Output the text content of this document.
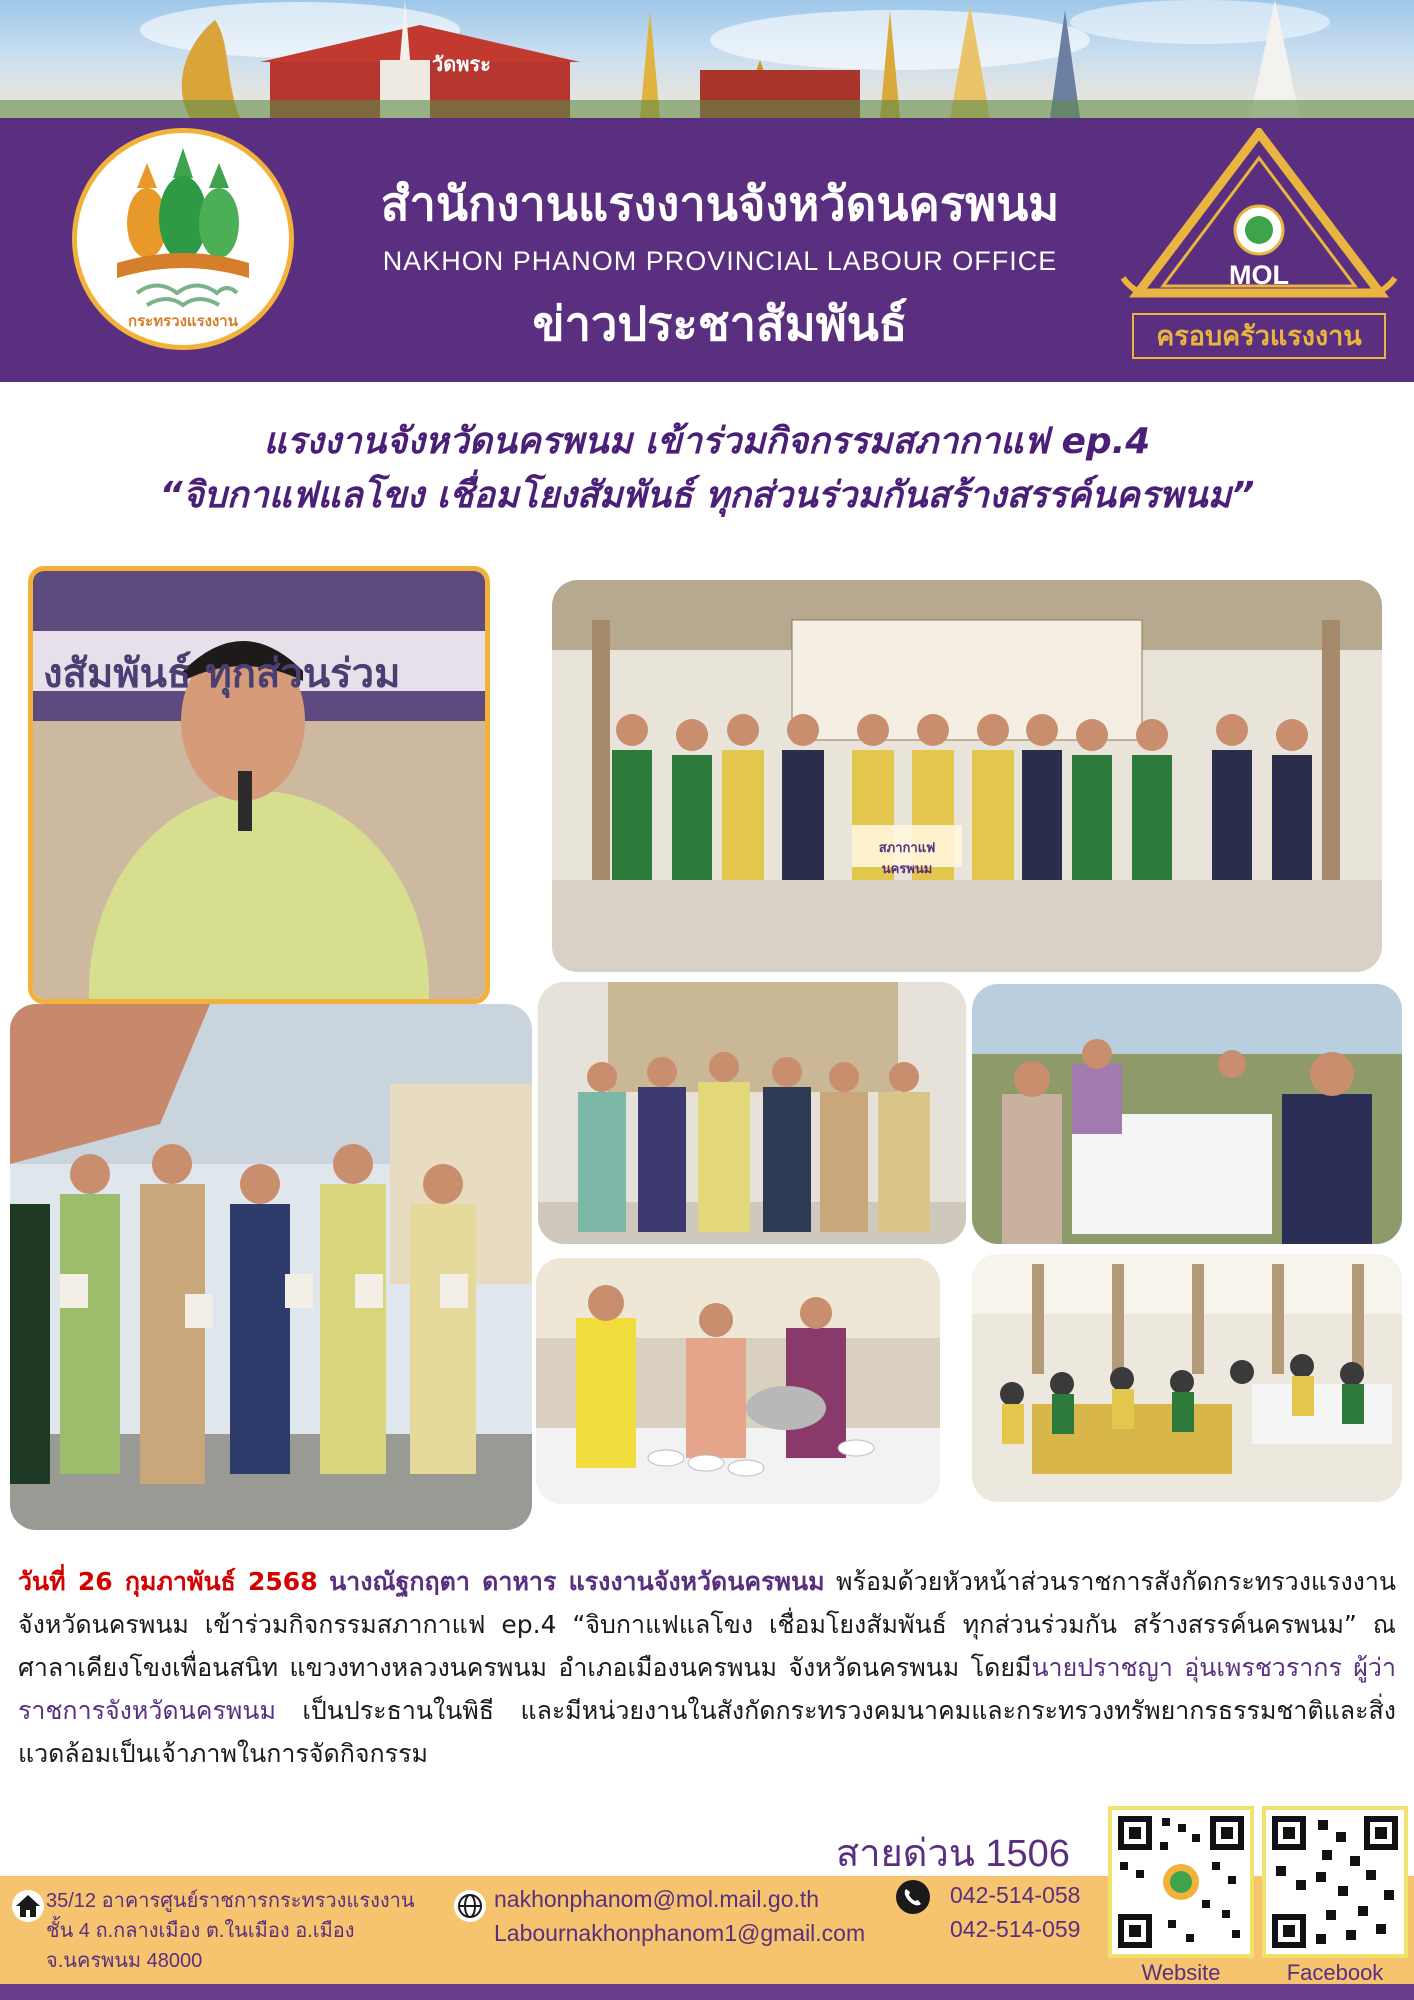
วัดพระ
กระทรวงแรงงาน
สำนักงานแรงงานจังหวัดนครพนม
NAKHON PHANOM PROVINCIAL LABOUR OFFICE
ข่าวประชาสัมพันธ์
MOL
ครอบครัวแรงงาน
แรงงานจังหวัดนครพนม เข้าร่วมกิจกรรมสภากาแฟ ep.4
“จิบกาแฟแลโขง เชื่อมโยงสัมพันธ์ ทุกส่วนร่วมกันสร้างสรรค์นครพนม”
งสัมพันธ์ ทุกส่วนร่วม
สภากาแฟ นครพนม
วันที่ 26 กุมภาพันธ์ 2568 นางณัฐกฤตา ดาหาร แรงงานจังหวัดนครพนม พร้อมด้วยหัวหน้าส่วนราชการสังกัดกระทรวงแรงงานจังหวัดนครพนม เข้าร่วมกิจกรรมสภากาแฟ ep.4 “จิบกาแฟแลโขง เชื่อมโยงสัมพันธ์ ทุกส่วนร่วมกัน สร้างสรรค์นครพนม” ณ ศาลาเคียงโขงเพื่อนสนิท แขวงทางหลวงนครพนม อำเภอเมืองนครพนม จังหวัดนครพนม โดยมีนายปราชญา อุ่นเพรชวรากร ผู้ว่าราชการจังหวัดนครพนม เป็นประธานในพิธี และมีหน่วยงานในสังกัดกระทรวงคมนาคมและกระทรวงทรัพยากรธรรมชาติและสิ่งแวดล้อมเป็นเจ้าภาพในการจัดกิจกรรม
สายด่วน 1506
35/12 อาคารศูนย์ราชการกระทรวงแรงงาน
ชั้น 4 ถ.กลางเมือง ต.ในเมือง อ.เมือง
จ.นครพนม 48000
nakhonphanom@mol.mail.go.th
Labournakhonphanom1@gmail.com
042-514-058
042-514-059
Website	Facebook
